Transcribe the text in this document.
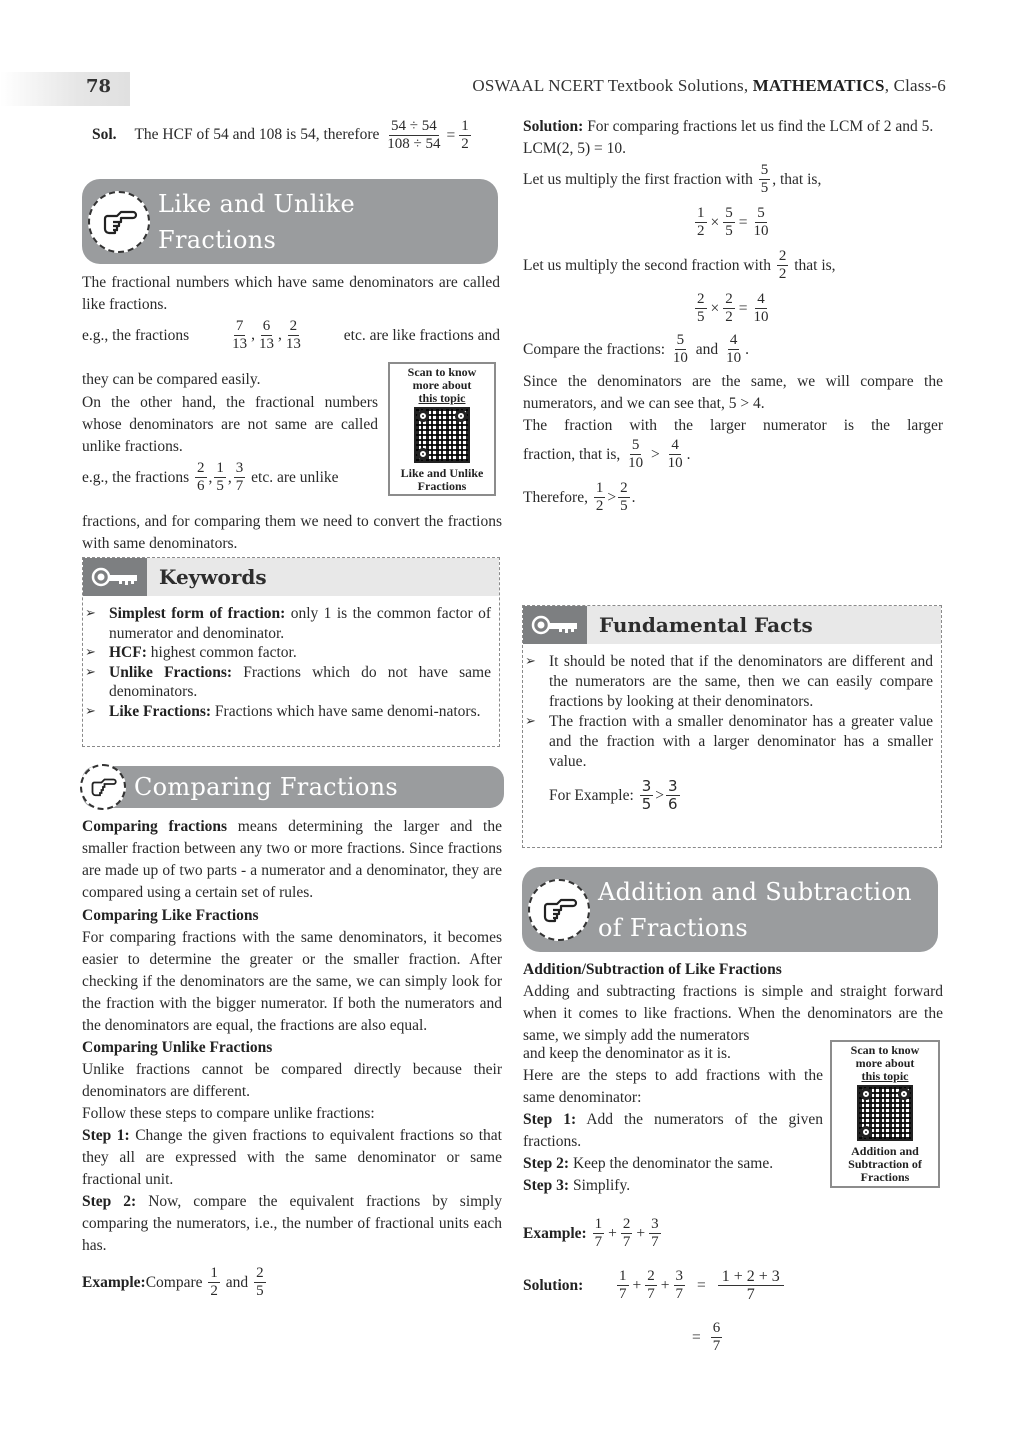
78	OSWAAL NCERT Textbook Solutions, MATHEMATICS, Class-6
Sol. The HCF of 54 and 108 is 54, therefore $\frac{54 \div 54}{108 \div 54} = \frac{1}{2}$
Like and Unlike
Fractions

The fractional numbers which have same denominators are called like fractions.

e.g., the fractions	$\frac{7}{13}$ , $\frac{6}{13}$ , $\frac{2}{13}$	etc. are like fractions and

they can be compared easily.

On the other hand, the fractional numbers whose denominators are not same are called unlike fractions.

e.g., the fractions
$\frac{2}{6}$ , $\frac{1}{5}$ , $\frac{3}{7}$
etc. are unlike
Scan to know
more about
this topic
Like and Unlike
Fractions

fractions, and for comparing them we need to convert the fractions with same denominators.

Keywords
➢ Simplest form of fraction: only 1 is the common factor of numerator and denominator.
➢ HCF: highest common factor.
➢ Unlike Fractions: Fractions which do not have same denominators.
➢ Like Fractions: Fractions which have same denomi-nators.
Comparing Fractions

Comparing fractions means determining the larger and the smaller fraction between any two or more fractions. Since fractions are made up of two parts - a numerator and a denominator, they are compared using a certain set of rules.

Comparing Like Fractions

For comparing fractions with the same denominators, it becomes easier to determine the greater or the smaller fraction. After checking if the denominators are the same, we can simply look for the fraction with the bigger numerator. If both the numerators and the denominators are equal, the fractions are also equal.

Comparing Unlike Fractions

Unlike fractions cannot be compared directly because their denominators are different.

Follow these steps to compare unlike fractions:

Step 1: Change the given fractions to equivalent fractions so that they all are expressed with the same denominator or same fractional unit.

Step 2: Now, compare the equivalent fractions by simply comparing the numerators, i.e., the number of fractional units each has.

Example: Compare
$\frac{1}{2}$
and
$\frac{2}{5}$

Solution: For comparing fractions let us find the LCM of 2 and 5.

LCM(2, 5) = 10.

Let us multiply the first fraction with
$\frac{5}{5}$ , that is,

$\frac{1}{2} \times \frac{5}{5} = \frac{5}{10}$

Let us multiply the second fraction with
$\frac{2}{2}$
that is,

$\frac{2}{5} \times \frac{2}{2} = \frac{4}{10}$

Compare the fractions:
$\frac{5}{10}$
and
$\frac{4}{10}$ .

Since the denominators are the same, we will compare the numerators, and we can see that, 5 > 4.

The fraction with the larger numerator is the larger

fraction, that is,
$\frac{5}{10}$
>
$\frac{4}{10}$ .

Therefore,
$\frac{1}{2} > \frac{2}{5}$ .

Fundamental Facts
➢ It should be noted that if the denominators are different and the numerators are the same, then we can easily compare fractions by looking at their denominators.
➢ The fraction with a smaller denominator has a greater value and the fraction with a larger denominator has a smaller value.
For Example:
$\frac{3}{5} > \frac{3}{6}$
Addition and Subtraction
of Fractions

Addition/Subtraction of Like Fractions

Adding and subtracting fractions is simple and straight forward when it comes to like fractions. When the denominators are the same, we simply add the numerators

and keep the denominator as it is.

Here are the steps to add fractions with the same denominator:

Step 1: Add the numerators of the given fractions.

Step 2: Keep the denominator the same.

Step 3: Simplify.

Scan to know
more about
this topic
Addition and
Subtraction of
Fractions
Example:
$\frac{1}{7} + \frac{2}{7} + \frac{3}{7}$
Solution:	$\frac{1}{7} + \frac{2}{7} + \frac{3}{7} = \frac{1 + 2 + 3}{7}$
= $\frac{6}{7}$
